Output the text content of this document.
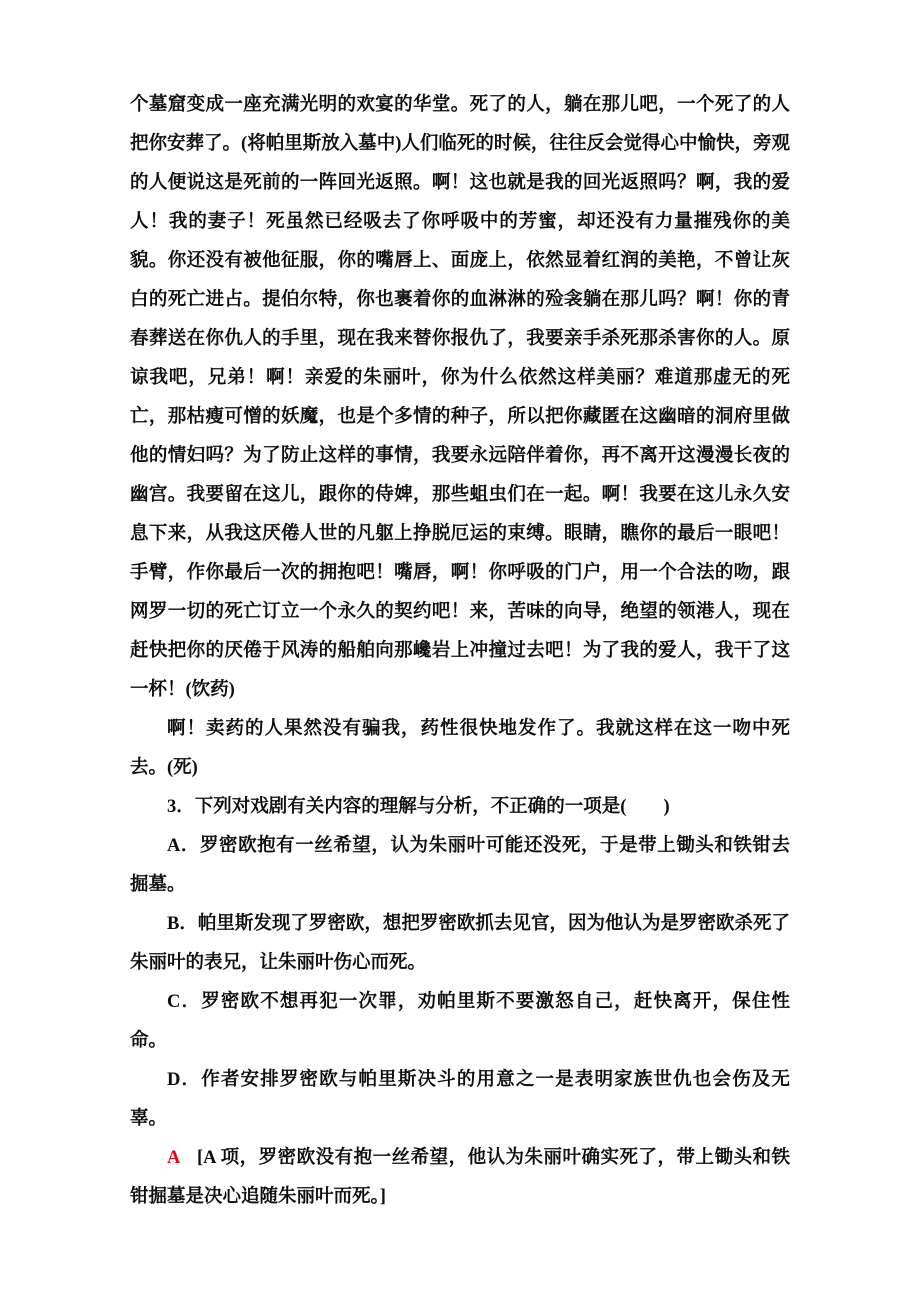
个墓窟变成一座充满光明的欢宴的华堂。死了的人，躺在那儿吧，一个死了的人把你安葬了。(将帕里斯放入墓中)人们临死的时候，往往反会觉得心中愉快，旁观的人便说这是死前的一阵回光返照。啊！这也就是我的回光返照吗？啊，我的爱人！我的妻子！死虽然已经吸去了你呼吸中的芳蜜，却还没有力量摧残你的美貌。你还没有被他征服，你的嘴唇上、面庞上，依然显着红润的美艳，不曾让灰白的死亡进占。提伯尔特，你也裹着你的血淋淋的殓衾躺在那儿吗？啊！你的青春葬送在你仇人的手里，现在我来替你报仇了，我要亲手杀死那杀害你的人。原谅我吧，兄弟！啊！亲爱的朱丽叶，你为什么依然这样美丽？难道那虚无的死亡，那枯瘦可憎的妖魔，也是个多情的种子，所以把你藏匿在这幽暗的洞府里做他的情妇吗？为了防止这样的事情，我要永远陪伴着你，再不离开这漫漫长夜的幽宫。我要留在这儿，跟你的侍婢，那些蛆虫们在一起。啊！我要在这儿永久安息下来，从我这厌倦人世的凡躯上挣脱厄运的束缚。眼睛，瞧你的最后一眼吧！手臂，作你最后一次的拥抱吧！嘴唇，啊！你呼吸的门户，用一个合法的吻，跟网罗一切的死亡订立一个永久的契约吧！来，苦味的向导，绝望的领港人，现在赶快把你的厌倦于风涛的船舶向那巉岩上冲撞过去吧！为了我的爱人，我干了这一杯！(饮药)

啊！卖药的人果然没有骗我，药性很快地发作了。我就这样在这一吻中死去。(死)

3．下列对戏剧有关内容的理解与分析，不正确的一项是(　　)

A．罗密欧抱有一丝希望，认为朱丽叶可能还没死，于是带上锄头和铁钳去掘墓。

B．帕里斯发现了罗密欧，想把罗密欧抓去见官，因为他认为是罗密欧杀死了朱丽叶的表兄，让朱丽叶伤心而死。

C．罗密欧不想再犯一次罪，劝帕里斯不要激怒自己，赶快离开，保住性命。

D．作者安排罗密欧与帕里斯决斗的用意之一是表明家族世仇也会伤及无辜。

A [A 项，罗密欧没有抱一丝希望，他认为朱丽叶确实死了，带上锄头和铁钳掘墓是决心追随朱丽叶而死。]
